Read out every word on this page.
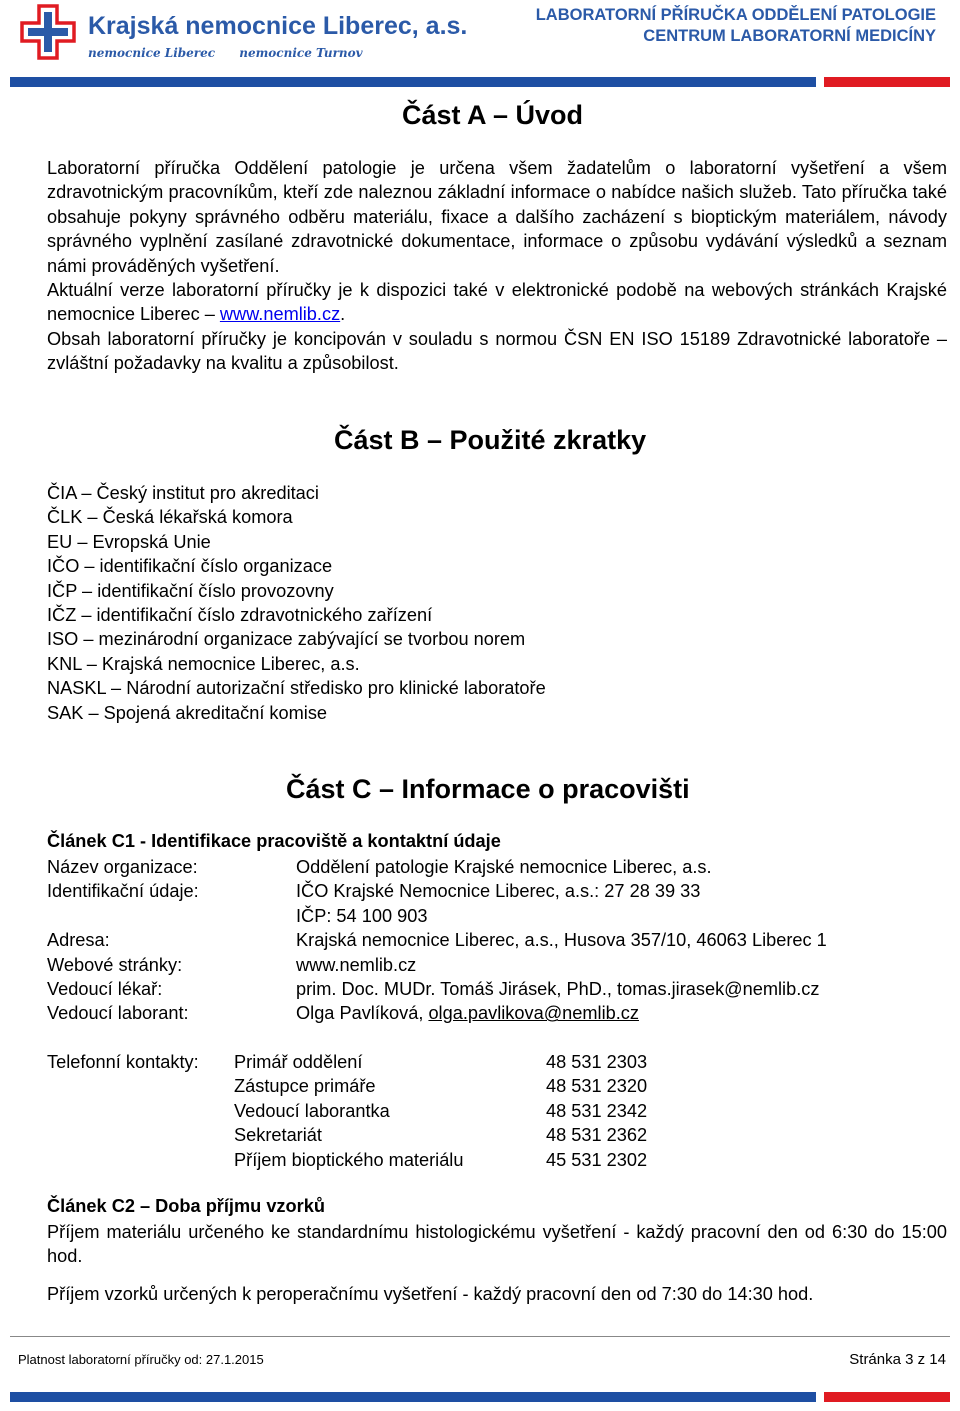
Krajská nemocnice Liberec, a.s.
nemocnice Liberec nemocnice Turnov
LABORATORNÍ PŘÍRUČKA ODDĚLENÍ PATOLOGIE
CENTRUM LABORATORNÍ MEDICÍNY
Část A – Úvod

Laboratorní příručka Oddělení patologie je určena všem žadatelům o laboratorní vyšetření a všem zdravotnickým pracovníkům, kteří zde naleznou základní informace o nabídce našich služeb. Tato příručka také obsahuje pokyny správného odběru materiálu, fixace a dalšího zacházení s bioptickým materiálem, návody správného vyplnění zasílané zdravotnické dokumentace, informace o způsobu vydávání výsledků a seznam námi prováděných vyšetření.

Aktuální verze laboratorní příručky je k dispozici také v elektronické podobě na webových stránkách Krajské nemocnice Liberec – www.nemlib.cz.

Obsah laboratorní příručky je koncipován v souladu s normou ČSN EN ISO 15189 Zdravotnické laboratoře – zvláštní požadavky na kvalitu a způsobilost.

Část B – Použité zkratky
ČIA – Český institut pro akreditaci
ČLK – Česká lékařská komora
EU – Evropská Unie
IČO – identifikační číslo organizace
IČP – identifikační číslo provozovny
IČZ – identifikační číslo zdravotnického zařízení
ISO – mezinárodní organizace zabývající se tvorbou norem
KNL – Krajská nemocnice Liberec, a.s.
NASKL – Národní autorizační středisko pro klinické laboratoře
SAK – Spojená akreditační komise
Část C – Informace o pracovišti
Článek C1 - Identifikace pracoviště a kontaktní údaje
Název organizace:	Oddělení patologie Krajské nemocnice Liberec, a.s.
Identifikační údaje:	IČO Krajské Nemocnice Liberec, a.s.: 27 28 39 33
IČP: 54 100 903
Adresa:	Krajská nemocnice Liberec, a.s., Husova 357/10, 46063 Liberec 1
Webové stránky:	www.nemlib.cz
Vedoucí lékař:	prim. Doc. MUDr. Tomáš Jirásek, PhD., tomas.jirasek@nemlib.cz
Vedoucí laborant:	Olga Pavlíková, olga.pavlikova@nemlib.cz
Telefonní kontakty:	Primář oddělení	48 531 2303
Zástupce primáře	48 531 2320
Vedoucí laborantka	48 531 2342
Sekretariát	48 531 2362
Příjem bioptického materiálu	45 531 2302
Článek C2 – Doba příjmu vzorků

Příjem materiálu určeného ke standardnímu histologickému vyšetření - každý pracovní den od 6:30 do 15:00 hod.

Příjem vzorků určených k peroperačnímu vyšetření - každý pracovní den od 7:30 do 14:30 hod.

Platnost laboratorní příručky od: 27.1.2015	Stránka 3 z 14
